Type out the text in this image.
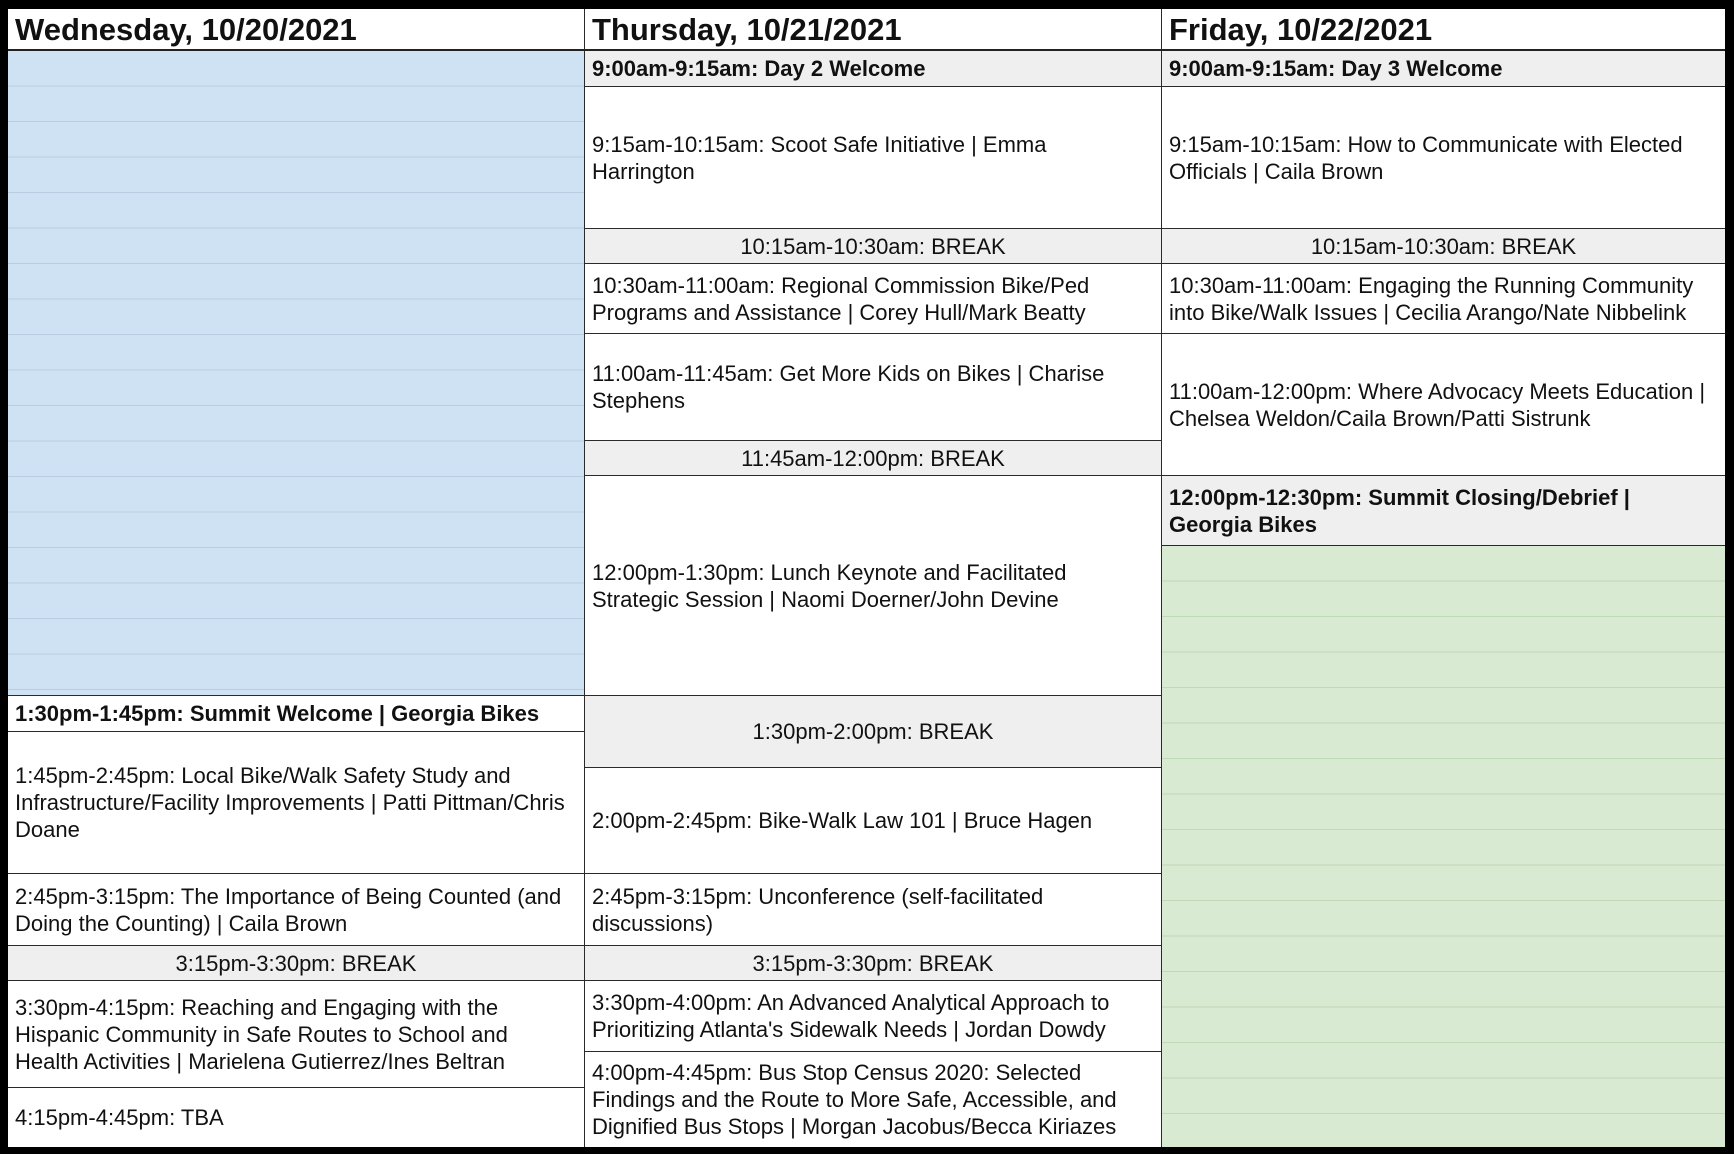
Wednesday, 10/20/2021
1:30pm-1:45pm: Summit Welcome | Georgia Bikes
1:45pm-2:45pm: Local Bike/Walk Safety Study and Infrastructure/Facility Improvements | Patti Pittman/Chris Doane
2:45pm-3:15pm: The Importance of Being Counted (and Doing the Counting) | Caila Brown
3:15pm-3:30pm: BREAK
3:30pm-4:15pm: Reaching and Engaging with the Hispanic Community in Safe Routes to School and Health Activities | Marielena Gutierrez/Ines Beltran
4:15pm-4:45pm: TBA
Thursday, 10/21/2021
9:00am-9:15am: Day 2 Welcome
9:15am-10:15am: Scoot Safe Initiative | Emma Harrington
10:15am-10:30am: BREAK
10:30am-11:00am: Regional Commission Bike/Ped Programs and Assistance | Corey Hull/Mark Beatty
11:00am-11:45am: Get More Kids on Bikes | Charise Stephens
11:45am-12:00pm: BREAK
12:00pm-1:30pm: Lunch Keynote and Facilitated Strategic Session | Naomi Doerner/John Devine
1:30pm-2:00pm: BREAK
2:00pm-2:45pm: Bike-Walk Law 101 | Bruce Hagen
2:45pm-3:15pm: Unconference (self-facilitated discussions)
3:15pm-3:30pm: BREAK
3:30pm-4:00pm: An Advanced Analytical Approach to Prioritizing Atlanta's Sidewalk Needs | Jordan Dowdy
4:00pm-4:45pm: Bus Stop Census 2020: Selected Findings and the Route to More Safe, Accessible, and Dignified Bus Stops | Morgan Jacobus/Becca Kiriazes
Friday, 10/22/2021
9:00am-9:15am: Day 3 Welcome
9:15am-10:15am: How to Communicate with Elected Officials | Caila Brown
10:15am-10:30am: BREAK
10:30am-11:00am: Engaging the Running Community into Bike/Walk Issues | Cecilia Arango/Nate Nibbelink
11:00am-12:00pm: Where Advocacy Meets Education | Chelsea Weldon/Caila Brown/Patti Sistrunk
12:00pm-12:30pm: Summit Closing/Debrief | Georgia Bikes
